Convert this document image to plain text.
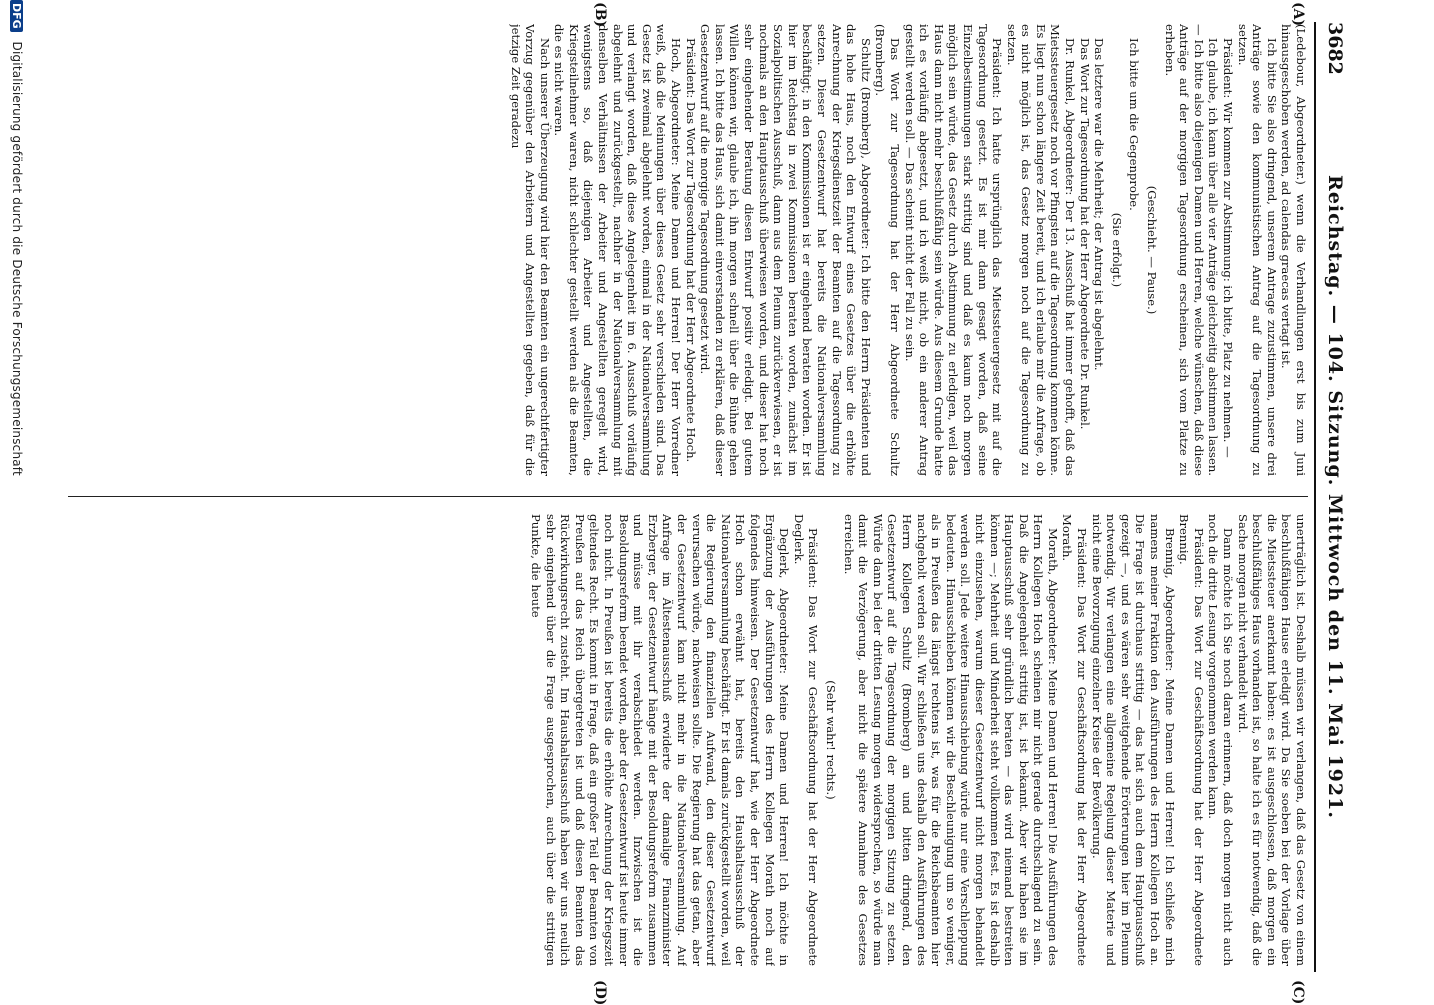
3682
Reichstag. — 104. Sitzung. Mittwoch den 11. Mai 1921.
(A)
(B)
(C)
(D)

(Ledebour, Abgeordneter.) wenn die Verhandlungen erst bis zum Juni hinausgeschoben werden, ad calendas graecas vertagt ist.

Ich bitte Sie also dringend, unserem Antrage zuzustimmen, unsere drei Anträge sowie den kommunistischen Antrag auf die Tagesordnung zu setzen.

Präsident: Wir kommen zur Abstimmung: ich bitte, Platz zu nehmen. —

Ich glaube, ich kann über alle vier Anträge gleichzeitig abstimmen lassen. — Ich bitte also diejenigen Damen und Herren, welche wünschen, daß diese Anträge auf der morgigen Tagesordnung erscheinen, sich vom Platze zu erheben.

(Geschieht. — Pause.)

Ich bitte um die Gegenprobe.

(Sie erfolgt.)

Das letztere war die Mehrheit; der Antrag ist abgelehnt.

Das Wort zur Tagesordnung hat der Herr Abgeordnete Dr. Runkel.

Dr. Runkel, Abgeordneter: Der 13. Ausschuß hat immer gehofft, daß das Mietssteuergesetz noch vor Pfingsten auf die Tagesordnung kommen könne. Es liegt nun schon längere Zeit bereit, und ich erlaube mir die Anfrage, ob es nicht möglich ist, das Gesetz morgen noch auf die Tagesordnung zu setzen.

Präsident: Ich hatte ursprünglich das Mietssteuergesetz mit auf die Tagesordnung gesetzt. Es ist mir dann gesagt worden, daß seine Einzelbestimmungen stark strittig sind und daß es kaum noch morgen möglich sein würde, das Gesetz durch Abstimmung zu erledigen, weil das Haus dann nicht mehr beschlußfähig sein würde. Aus diesem Grunde hatte ich es vorläufig abgesetzt, und ich weiß nicht, ob ein anderer Antrag gestellt werden soll. — Das scheint nicht der Fall zu sein.

Das Wort zur Tagesordnung hat der Herr Abgeordnete Schultz (Bromberg).

Schultz (Bromberg), Abgeordneter: Ich bitte den Herrn Präsidenten und das hohe Haus, noch den Entwurf eines Gesetzes über die erhöhte Anrechnung der Kriegsdienstzeit der Beamten auf die Tagesordnung zu setzen. Dieser Gesetzentwurf hat bereits die Nationalversammlung beschäftigt; in den Kommissionen ist er eingehend beraten worden. Er ist hier im Reichstag in zwei Kommissionen beraten worden, zunächst im Sozialpolitischen Ausschuß, dann aus dem Plenum zurückverwiesen, er ist nochmals an den Hauptausschuß überwiesen worden, und dieser hat noch sehr eingehender Beratung diesen Entwurf positiv erledigt. Bei gutem Willen können wir, glaube ich, ihn morgen schnell über die Bühne gehen lassen. Ich bitte das Haus, sich damit einverstanden zu erklären, daß dieser Gesetzentwurf auf die morgige Tagesordnung gesetzt wird.

Präsident: Das Wort zur Tagesordnung hat der Herr Abgeordnete Hoch.

Hoch, Abgeordneter: Meine Damen und Herren! Der Herr Vorredner weiß, daß die Meinungen über dieses Gesetz sehr verschieden sind. Das Gesetz ist zweimal abgelehnt worden, einmal in der Nationalversammlung und verlangt worden, daß diese Angelegenheit im 6. Ausschuß vorläufig abgelehnt und zurückgestellt, nachher in der Nationalversammlung mit denselben Verhältnissen der Arbeiter und Angestellten geregelt wird, wenigstens so, daß diejenigen Arbeiter und Angestellten, die Kriegsteilnehmer waren, nicht schlechter gestellt werden als die Beamten, die es nicht waren.

Nach unserer Überzeugung wird hier den Beamten ein ungerechtfertigter Vorzug gegenüber den Arbeitern und Angestellten gegeben, daß für die jetzige Zeit geradezu

unerträglich ist. Deshalb müssen wir verlangen, daß das Gesetz von einem beschlußfähigen Hause erledigt wird. Da Sie soeben bei der Vorlage über die Mietssteuer anerkannt haben: es ist ausgeschlossen, daß morgen ein beschlußfähiges Haus vorhanden ist, so halte ich es für notwendig, daß die Sache morgen nicht verhandelt wird.

Dann möchte ich Sie noch daran erinnern, daß doch morgen nicht auch noch die dritte Lesung vorgenommen werden kann.

Präsident: Das Wort zur Geschäftsordnung hat der Herr Abgeordnete Brennig.

Brennig, Abgeordneter: Meine Damen und Herren! Ich schließe mich namens meiner Fraktion den Ausführungen des Herrn Kollegen Hoch an. Die Frage ist durchaus strittig — das hat sich auch dem Hauptausschuß gezeigt —, und es wären sehr weitgehende Erörterungen hier im Plenum notwendig. Wir verlangen eine allgemeine Regelung dieser Materie und nicht eine Bevorzugung einzelner Kreise der Bevölkerung.

Präsident: Das Wort zur Geschäftsordnung hat der Herr Abgeordnete Morath.

Morath, Abgeordneter: Meine Damen und Herren! Die Ausführungen des Herrn Kollegen Hoch scheinen mir nicht gerade durchschlagend zu sein. Daß die Angelegenheit strittig ist, ist bekannt. Aber wir haben sie im Hauptausschuß sehr gründlich beraten — das wird niemand bestreiten können —; Mehrheit und Minderheit steht vollkommen fest. Es ist deshalb nicht einzusehen, warum dieser Gesetzentwurf nicht morgen behandelt werden soll. Jede weitere Hinausschiebung würde nur eine Verschleppung bedeuten. Hinausschieben können wir die Beschleunigung um so weniger, als in Preußen das längst rechtens ist, was für die Reichsbeamten hier nachgeholt werden soll. Wir schließen uns deshalb den Ausführungen des Herrn Kollegen Schultz (Bromberg) an und bitten dringend, den Gesetzentwurf auf die Tagesordnung der morgigen Sitzung zu setzen. Würde dann bei der dritten Lesung morgen widersprochen, so würde man damit die Verzögerung, aber nicht die spätere Annahme des Gesetzes erreichen.

(Sehr wahr! rechts.)

Präsident: Das Wort zur Geschäftsordnung hat der Herr Abgeordnete Deglerk.

Deglerk, Abgeordneter: Meine Damen und Herren! Ich möchte in Ergänzung der Ausführungen des Herrn Kollegen Morath noch auf folgendes hinweisen. Der Gesetzentwurf hat, wie der Herr Abgeordnete Hoch schon erwähnt hat, bereits den Haushaltsausschuß der Nationalversammlung beschäftigt. Er ist damals zurückgestellt worden, weil die Regierung den finanziellen Aufwand, den dieser Gesetzentwurf verursachen würde, nachweisen sollte. Die Regierung hat das getan, aber der Gesetzentwurf kam nicht mehr in die Nationalversammlung. Auf Anfrage im Ältestenausschuß erwiderte der damalige Finanzminister Erzberger, der Gesetzentwurf hänge mit der Besoldungsreform zusammen und müsse mit ihr verabschiedet werden. Inzwischen ist die Besoldungsreform beendet worden, aber der Gesetzentwurf ist heute immer noch nicht. In Preußen ist bereits die erhöhte Anrechnung der Kriegszeit geltendes Recht. Es kommt in Frage, daß ein großer Teil der Beamten von Preußen auf das Reich übergetreten ist und daß diesen Beamten das Rückwirkungsrecht zusteht. Im Haushaltsausschuß haben wir uns neulich sehr eingehend über die Frage ausgesprochen, auch über die strittigen Punkte, die heute

DFG Digitalisierung gefördert durch die Deutsche Forschungsgemeinschaft
